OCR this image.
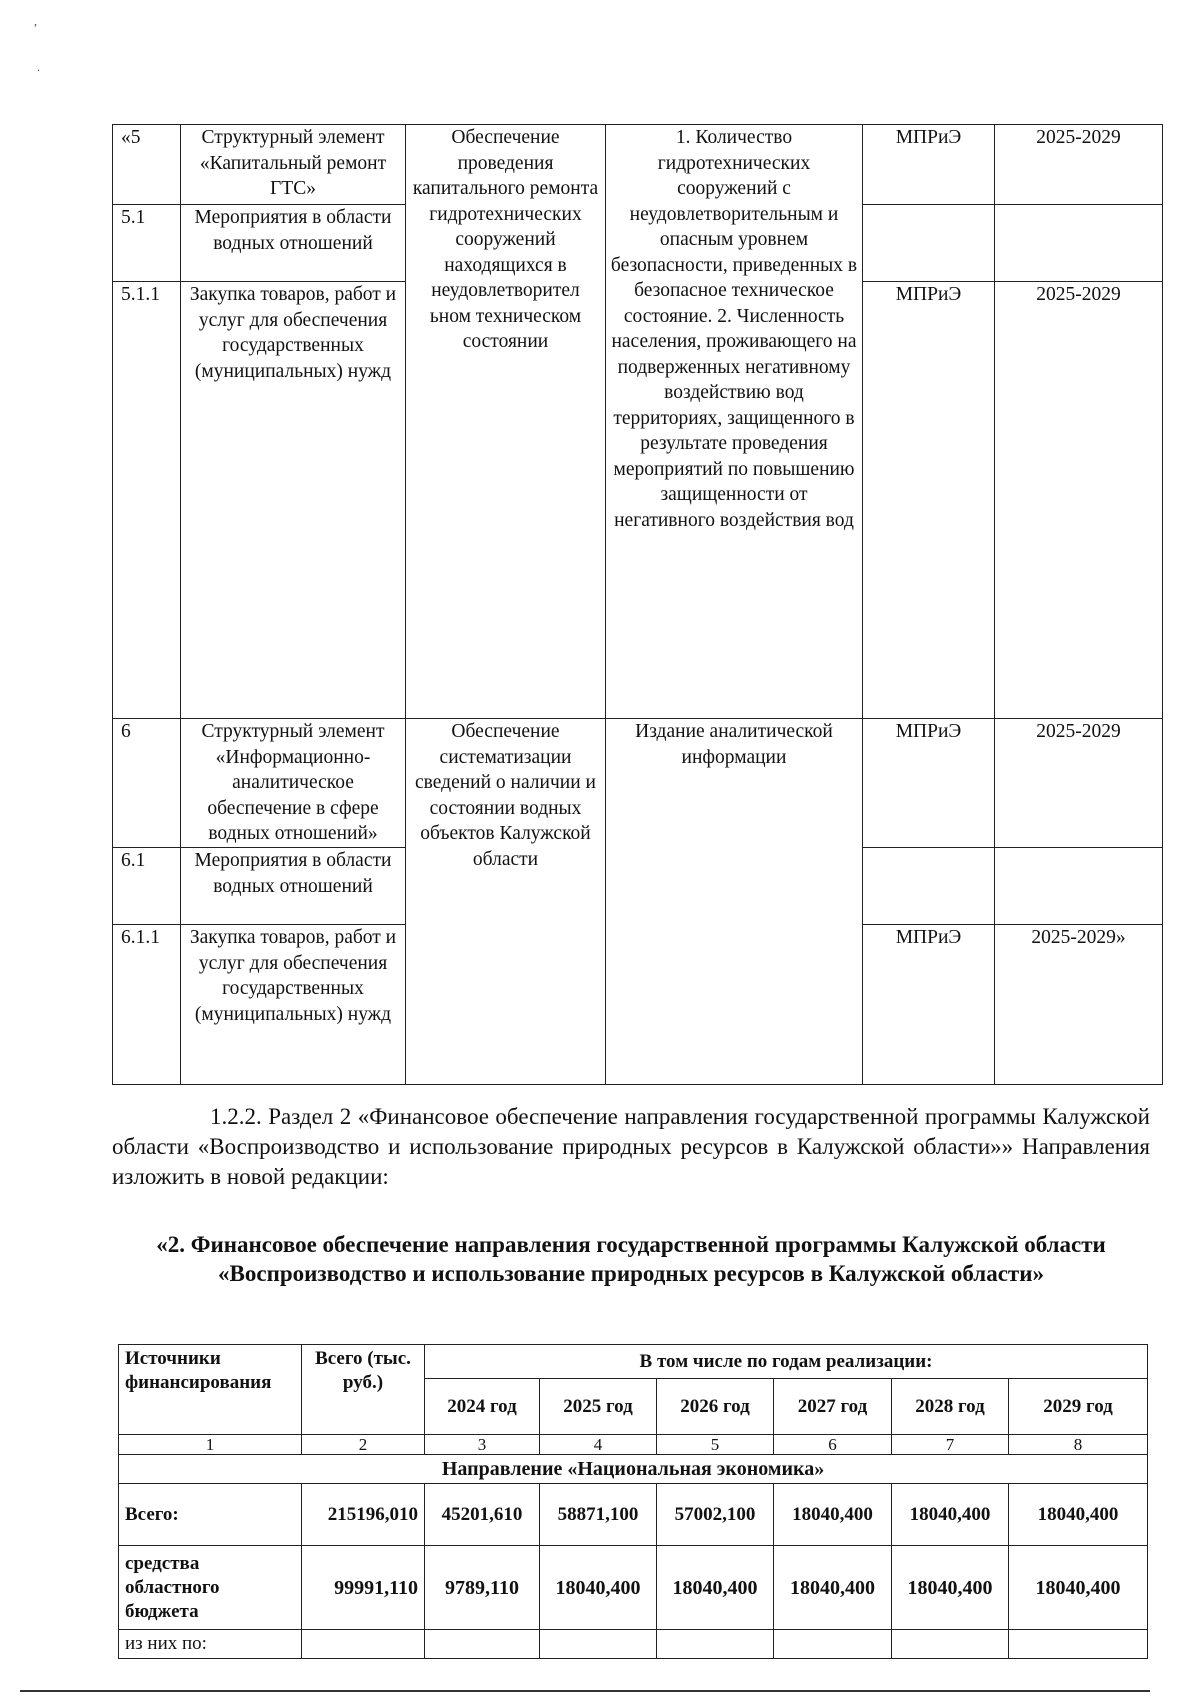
,
.
«5	Структурный элемент «Капитальный ремонт ГТС»	Обеспечение проведения капитального ремонта гидротехнических сооружений находящихся в неудовлетворител ьном техническом состоянии	1. Количество гидротехнических сооружений с неудовлетворительным и опасным уровнем безопасности, приведенных в безопасное техническое состояние. 2. Численность населения, проживающего на подверженных негативному воздействию вод территориях, защищенного в результате проведения мероприятий по повышению защищенности от негативного воздействия вод	МПРиЭ	2025-2029
5.1	Мероприятия в области водных отношений				
5.1.1	Закупка товаров, работ и услуг для обеспечения государственных (муниципальных) нужд			МПРиЭ	2025-2029
6	Структурный элемент «Информационно-аналитическое обеспечение в сфере водных отношений»	Обеспечение систематизации сведений о наличии и состоянии водных объектов Калужской области	Издание аналитической информации	МПРиЭ	2025-2029
6.1	Мероприятия в области водных отношений				
6.1.1	Закупка товаров, работ и услуг для обеспечения государственных (муниципальных) нужд			МПРиЭ	2025-2029»

1.2.2. Раздел 2 «Финансовое обеспечение направления государственной программы Калужской области «Воспроизводство и использование природных ресурсов в Калужской области»» Направления изложить в новой редакции:

«2. Финансовое обеспечение направления государственной программы Калужской области «Воспроизводство и использование природных ресурсов в Калужской области»
Источники финансирования	Всего (тыс. руб.)	В том числе по годам реализации:					
		2024 год	2025 год	2026 год	2027 год	2028 год	2029 год
1	2	3	4	5	6	7	8
Направление «Национальная экономика»							
Всего:	215196,010	45201,610	58871,100	57002,100	18040,400	18040,400	18040,400
средства областного бюджета	99991,110	9789,110	18040,400	18040,400	18040,400	18040,400	18040,400
из них по:							
